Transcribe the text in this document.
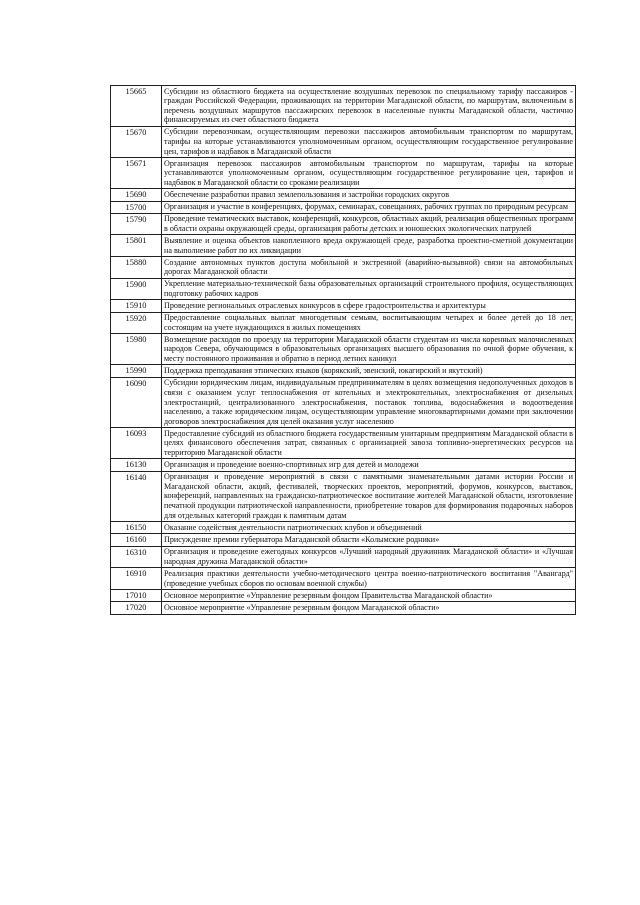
15665	Субсидии из областного бюджета на осуществление воздушных перевозок по специальному тарифу пассажиров - граждан Российской Федерации, проживающих на территории Магаданской области, по маршрутам, включенным в перечень воздушных маршрутов пассажирских перевозок в населенные пункты Магаданской области, частично финансируемых из счет областного бюджета
15670	Субсидии перевозчикам, осуществляющим перевозки пассажиров автомобильным транспортом по маршрутам, тарифы на которые устанавливаются уполномоченным органом, осуществляющим государственное регулирование цен, тарифов и надбавок в Магаданской области
15671	Организация перевозок пассажиров автомобильным транспортом по маршрутам, тарифы на которые устанавливаются уполномоченным органом, осуществляющим государственное регулирование цен, тарифов и надбавок в Магаданской области со сроками реализации
15690	Обеспечение разработки правил землепользования и застройки городских округов
15700	Организация и участие в конференциях, форумах, семинарах, совещаниях, рабочих группах по природным ресурсам
15790	Проведение тематических выставок, конференций, конкурсов, областных акций, реализация общественных программ в области охраны окружающей среды, организация работы детских и юношеских экологических патрулей
15801	Выявление и оценка объектов накопленного вреда окружающей среде, разработка проектно-сметной документации на выполнение работ по их ликвидации
15880	Создание автономных пунктов доступа мобильной и экстренной (аварийно-вызывной) связи на автомобильных дорогах Магаданской области
15900	Укрепление материально-технической базы образовательных организаций строительного профиля, осуществляющих подготовку рабочих кадров
15910	Проведение региональных отраслевых конкурсов в сфере градостроительства и архитектуры
15920	Предоставление социальных выплат многодетным семьям, воспитывающим четырех и более детей до 18 лет, состоящим на учете нуждающихся в жилых помещениях
15980	Возмещение расходов по проезду на территории Магаданской области студентам из числа коренных малочисленных народов Севера, обучающимся в образовательных организациях высшего образования по очной форме обучения, к месту постоянного проживания и обратно в период летних каникул
15990	Поддержка преподавания этнических языков (корякский, эвенский, юкагирский и якутский)
16090	Субсидии юридическим лицам, индивидуальным предпринимателям в целях возмещения недополученных доходов в связи с оказанием услуг теплоснабжения от котельных и электрокотельных, электроснабжения от дизельных электростанций, централизованного электроснабжения, поставок топлива, водоснабжения и водоотведения населению, а также юридическим лицам, осуществляющим управление многоквартирными домами при заключении договоров электроснабжения для целей оказания услуг населению
16093	Предоставление субсидий из областного бюджета государственным унитарным предприятиям Магаданской области в целях финансового обеспечения затрат, связанных с организацией завоза топливно-энергетических ресурсов на территорию Магаданской области
16130	Организация и проведение военно-спортивных игр для детей и молодежи
16140	Организация и проведение мероприятий в связи с памятными знаменательными датами истории России и Магаданской области, акций, фестивалей, творческих проектов, мероприятий, форумов, конкурсов, выставок, конференций, направленных на гражданско-патриотическое воспитание жителей Магаданской области, изготовление печатной продукции патриотической направленности, приобретение товаров для формирования подарочных наборов для отдельных категорий граждан к памятным датам
16150	Оказание содействия деятельности патриотических клубов и объединений
16160	Присуждение премии губернатора Магаданской области «Колымские родники»
16310	Организация и проведение ежегодных конкурсов «Лучший народный дружинник Магаданской области» и «Лучшая народная дружина Магаданской области»
16910	Реализация практики деятельности учебно-методического центра военно-патриотического воспитания "Авангард" (проведение учебных сборов по основам военной службы)
17010	Основное мероприятие «Управление резервным фондом Правительства Магаданской области»
17020	Основное мероприятие «Управление резервным фондом Магаданской области»
